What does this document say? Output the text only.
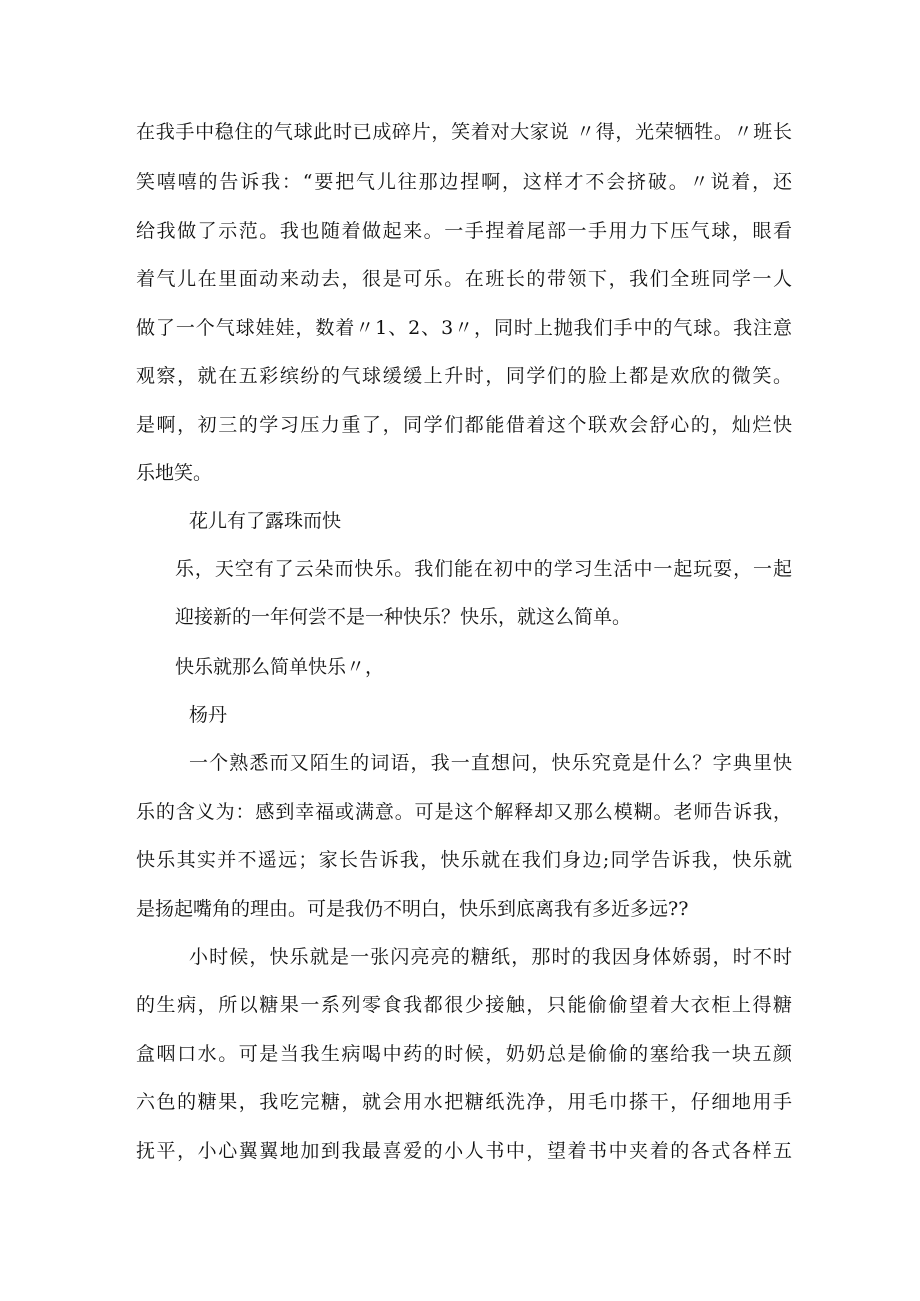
在我手中稳住的气球此时已成碎片，笑着对大家说 〃得，光荣牺牲。〃班长
笑嘻嘻的告诉我：“要把气儿往那边捏啊，这样才不会挤破。〃说着，还
给我做了示范。我也随着做起来。一手捏着尾部一手用力下压气球，眼看
着气儿在里面动来动去，很是可乐。在班长的带领下，我们全班同学一人
做了一个气球娃娃，数着〃1、2、3〃，同时上抛我们手中的气球。我注意
观察，就在五彩缤纷的气球缓缓上升时，同学们的脸上都是欢欣的微笑。
是啊，初三的学习压力重了，同学们都能借着这个联欢会舒心的，灿烂快
乐地笑。
花儿有了露珠而快
乐，天空有了云朵而快乐。我们能在初中的学习生活中一起玩耍，一起
迎接新的一年何尝不是一种快乐？快乐，就这么简单。
快乐就那么简单快乐〃，
杨丹
一个熟悉而又陌生的词语，我一直想问，快乐究竟是什么？字典里快
乐的含义为：感到幸福或满意。可是这个解释却又那么模糊。老师告诉我，
快乐其实并不遥远；家长告诉我，快乐就在我们身边;同学告诉我，快乐就
是扬起嘴角的理由。可是我仍不明白，快乐到底离我有多近多远??
小时候，快乐就是一张闪亮亮的糖纸，那时的我因身体娇弱，时不时
的生病，所以糖果一系列零食我都很少接触，只能偷偷望着大衣柜上得糖
盒咽口水。可是当我生病喝中药的时候，奶奶总是偷偷的塞给我一块五颜
六色的糖果，我吃完糖，就会用水把糖纸洗净，用毛巾搽干，仔细地用手
抚平，小心翼翼地加到我最喜爱的小人书中，望着书中夹着的各式各样五
